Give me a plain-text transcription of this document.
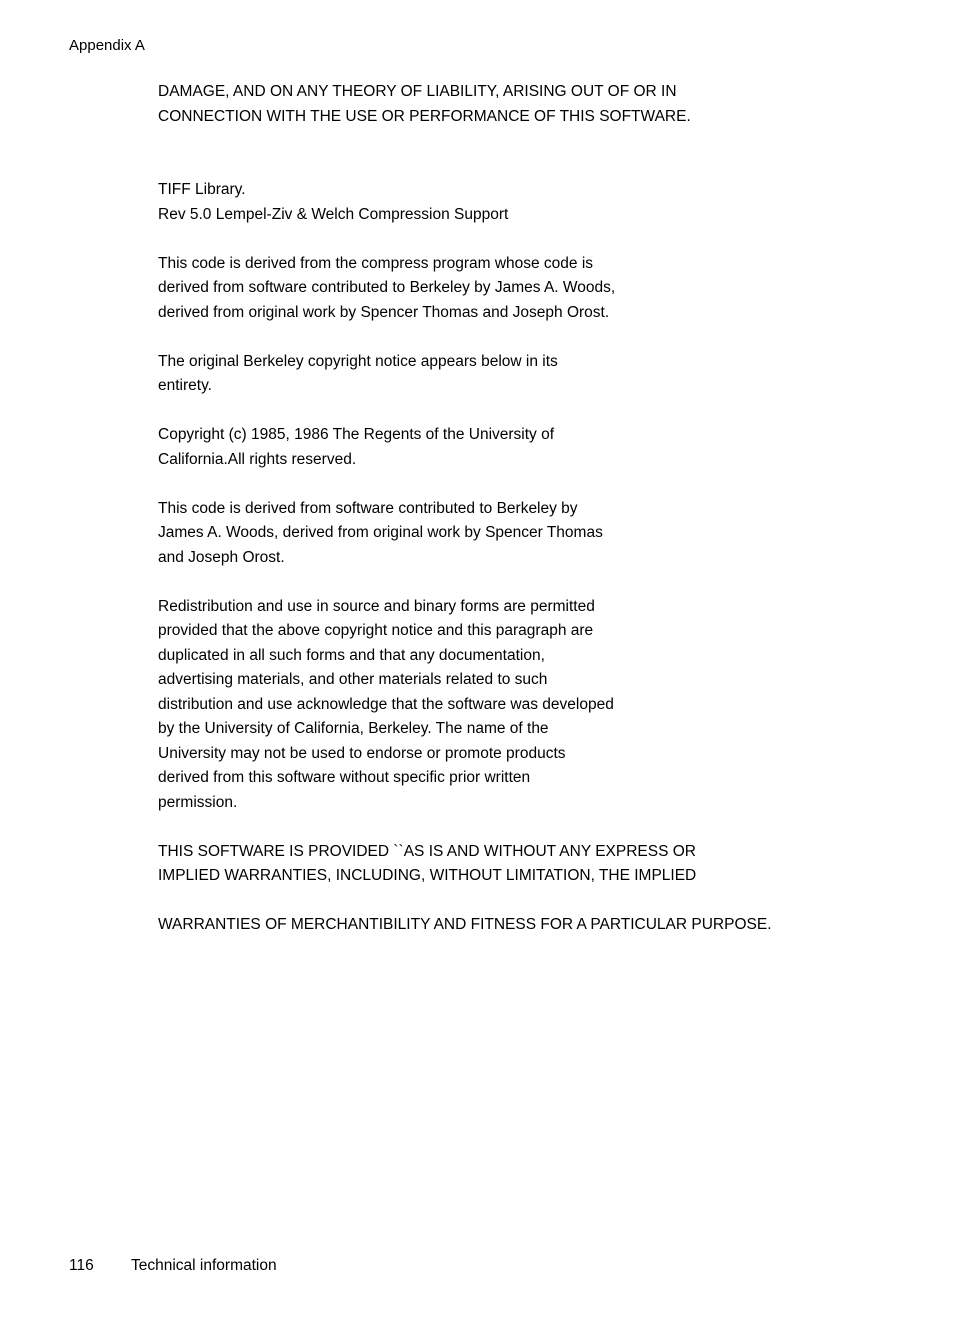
Appendix A

DAMAGE, AND ON ANY THEORY OF LIABILITY, ARISING OUT OF OR IN
CONNECTION WITH THE USE OR PERFORMANCE OF THIS SOFTWARE.

TIFF Library.
Rev 5.0 Lempel-Ziv & Welch Compression Support

This code is derived from the compress program whose code is
derived from software contributed to Berkeley by James A. Woods,
derived from original work by Spencer Thomas and Joseph Orost.

The original Berkeley copyright notice appears below in its
entirety.

Copyright (c) 1985, 1986 The Regents of the University of
California.All rights reserved.

This code is derived from software contributed to Berkeley by
James A. Woods, derived from original work by Spencer Thomas
and Joseph Orost.

Redistribution and use in source and binary forms are permitted
provided that the above copyright notice and this paragraph are
duplicated in all such forms and that any documentation,
advertising materials, and other materials related to such
distribution and use acknowledge that the software was developed
by the University of California, Berkeley. The name of the
University may not be used to endorse or promote products
derived from this software without specific prior written
permission.

THIS SOFTWARE IS PROVIDED ``AS IS AND WITHOUT ANY EXPRESS OR
IMPLIED WARRANTIES, INCLUDING, WITHOUT LIMITATION, THE IMPLIED

WARRANTIES OF MERCHANTIBILITY AND FITNESS FOR A PARTICULAR PURPOSE.

116 Technical information
